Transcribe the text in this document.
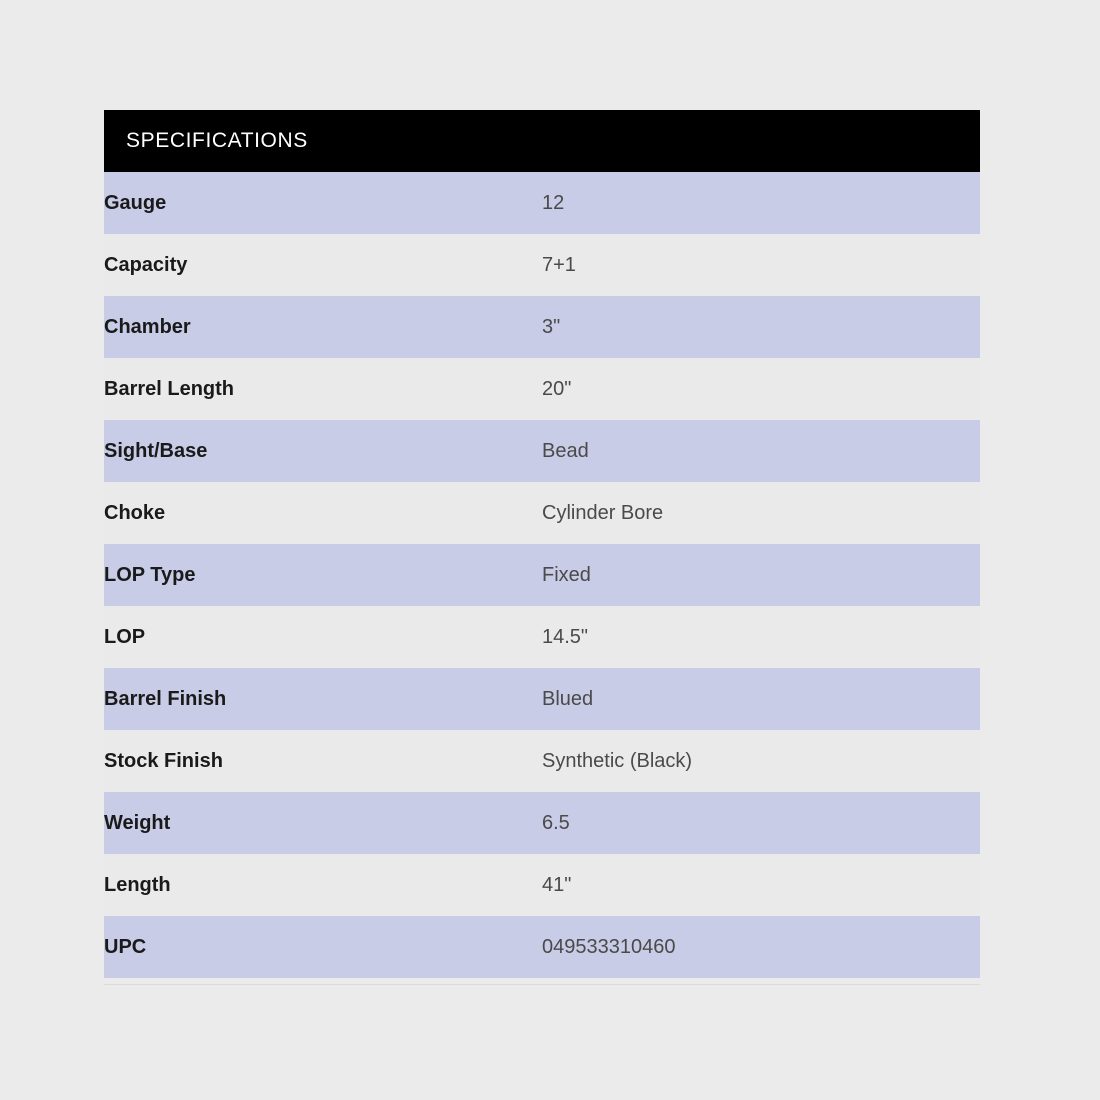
SPECIFICATIONS	
Gauge	12
Capacity	7+1
Chamber	3"
Barrel Length	20"
Sight/Base	Bead
Choke	Cylinder Bore
LOP Type	Fixed
LOP	14.5"
Barrel Finish	Blued
Stock Finish	Synthetic (Black)
Weight	6.5
Length	41"
UPC	049533310460
